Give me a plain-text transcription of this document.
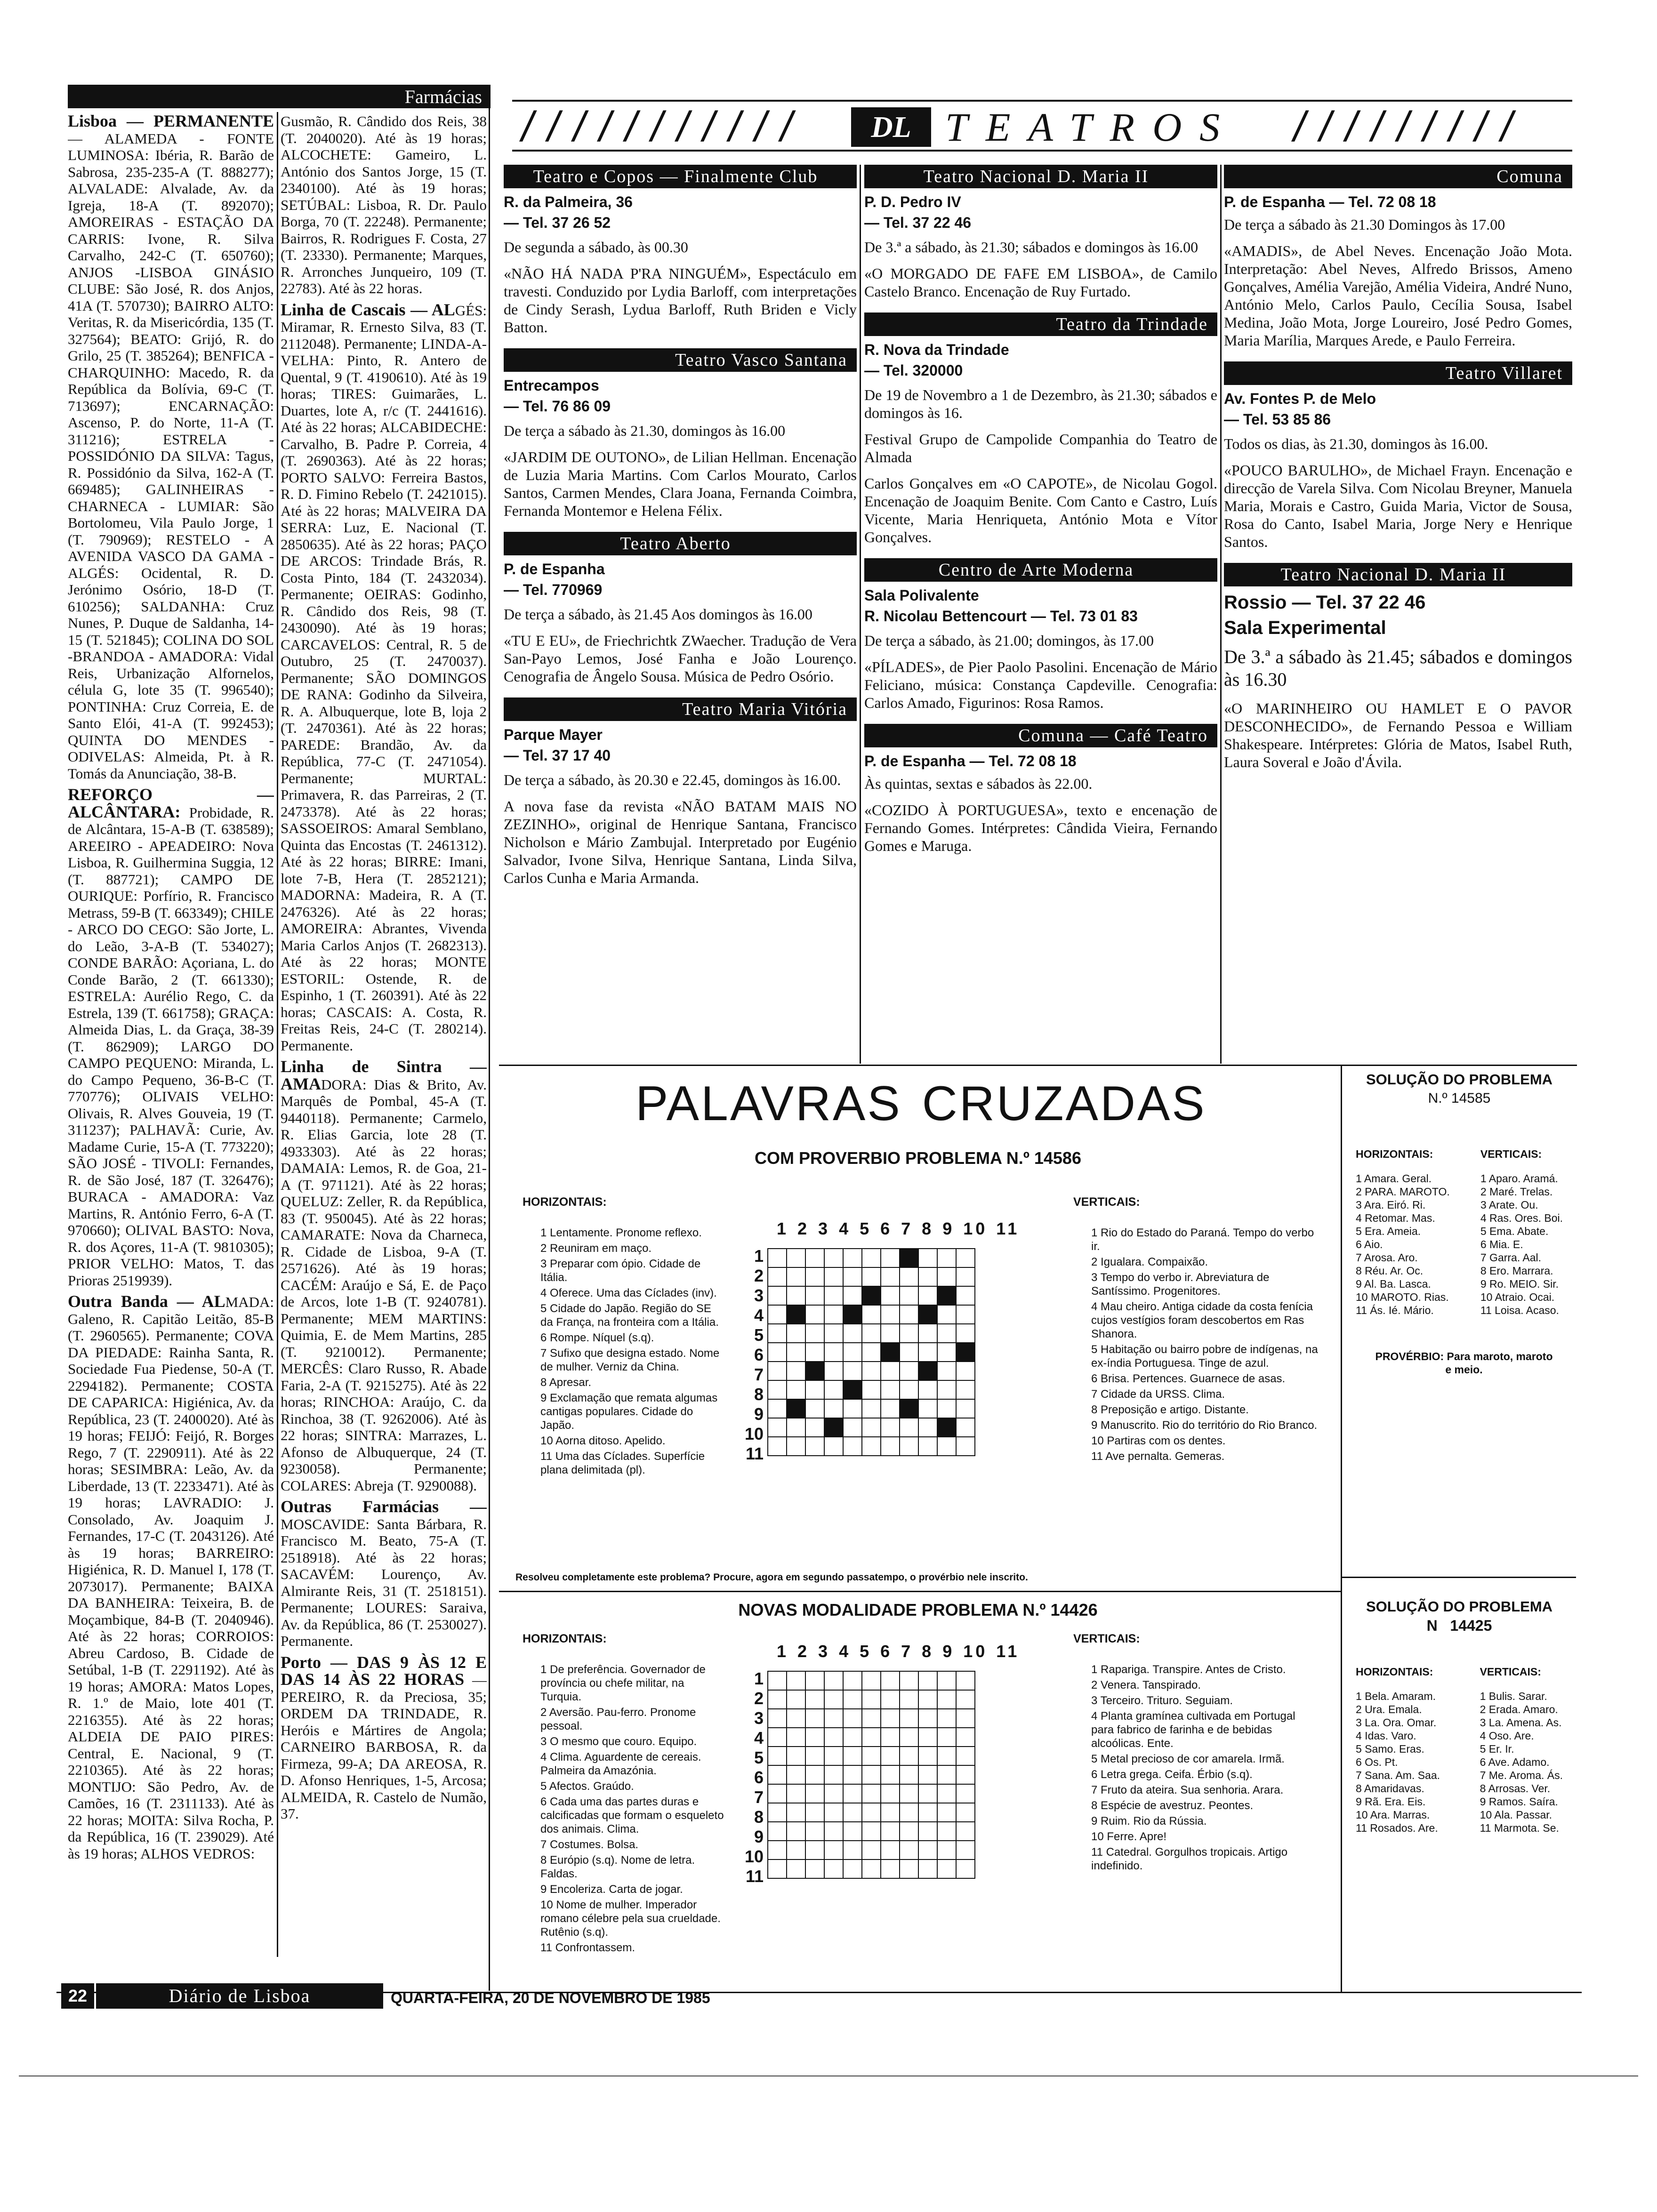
Farmácias

Lisboa — PERMANENTE — ALAMEDA - FONTE LUMINOSA: Ibéria, R. Barão de Sabrosa, 235-235-A (T. 888277); ALVALADE: Alvalade, Av. da Igreja, 18-A (T. 892070); AMOREIRAS - ESTAÇÃO DA CARRIS: Ivone, R. Silva Carvalho, 242-C (T. 650760); ANJOS -LISBOA GINÁSIO CLUBE: São José, R. dos Anjos, 41A (T. 570730); BAIRRO ALTO: Veritas, R. da Misericórdia, 135 (T. 327564); BEATO: Grijó, R. do Grilo, 25 (T. 385264); BENFICA - CHARQUINHO: Macedo, R. da República da Bolívia, 69-C (T. 713697); ENCARNAÇÃO: Ascenso, P. do Norte, 11-A (T. 311216); ESTRELA - POSSIDÓNIO DA SILVA: Tagus, R. Possidónio da Silva, 162-A (T. 669485); GALINHEIRAS -CHARNECA - LUMIAR: São Bortolomeu, Vila Paulo Jorge, 1 (T. 790969); RESTELO - A AVENIDA VASCO DA GAMA - ALGÉS: Ocidental, R. D. Jerónimo Osório, 18-D (T. 610256); SALDANHA: Cruz Nunes, P. Duque de Saldanha, 14-15 (T. 521845); COLINA DO SOL -BRANDOA - AMADORA: Vidal Reis, Urbanização Alfornelos, célula G, lote 35 (T. 996540); PONTINHA: Cruz Correia, E. de Santo Elói, 41-A (T. 992453); QUINTA DO MENDES -ODIVELAS: Almeida, Pt. à R. Tomás da Anunciação, 38-B.

REFORÇO — ALCÂNTARA: Probidade, R. de Alcântara, 15-A-B (T. 638589); AREEIRO - APEADEIRO: Nova Lisboa, R. Guilhermina Suggia, 12 (T. 887721); CAMPO DE OURIQUE: Porfírio, R. Francisco Metrass, 59-B (T. 663349); CHILE - ARCO DO CEGO: São Jorte, L. do Leão, 3-A-B (T. 534027); CONDE BARÃO: Açoriana, L. do Conde Barão, 2 (T. 661330); ESTRELA: Aurélio Rego, C. da Estrela, 139 (T. 661758); GRAÇA: Almeida Dias, L. da Graça, 38-39 (T. 862909); LARGO DO CAMPO PEQUENO: Miranda, L. do Campo Pequeno, 36-B-C (T. 770776); OLIVAIS VELHO: Olivais, R. Alves Gouveia, 19 (T. 311237); PALHAVÃ: Curie, Av. Madame Curie, 15-A (T. 773220); SÃO JOSÉ - TIVOLI: Fernandes, R. de São José, 187 (T. 326476); BURACA - AMADORA: Vaz Martins, R. António Ferro, 6-A (T. 970660); OLIVAL BASTO: Nova, R. dos Açores, 11-A (T. 9810305); PRIOR VELHO: Matos, T. das Prioras 2519939).

Outra Banda — ALMADA: Galeno, R. Capitão Leitão, 85-B (T. 2960565). Permanente; COVA DA PIEDADE: Rainha Santa, R. Sociedade Fua Piedense, 50-A (T. 2294182). Permanente; COSTA DE CAPARICA: Higiénica, Av. da República, 23 (T. 2400020). Até às 19 horas; FEIJÓ: Feijó, R. Borges Rego, 7 (T. 2290911). Até às 22 horas; SESIMBRA: Leão, Av. da Liberdade, 13 (T. 2233471). Até às 19 horas; LAVRADIO: J. Consolado, Av. Joaquim J. Fernandes, 17-C (T. 2043126). Até às 19 horas; BARREIRO: Higiénica, R. D. Manuel I, 178 (T. 2073017). Permanente; BAIXA DA BANHEIRA: Teixeira, B. de Moçambique, 84-B (T. 2040946). Até às 22 horas; CORROIOS: Abreu Cardoso, B. Cidade de Setúbal, 1-B (T. 2291192). Até às 19 horas; AMORA: Matos Lopes, R. 1.º de Maio, lote 401 (T. 2216355). Até às 22 horas; ALDEIA DE PAIO PIRES: Central, E. Nacional, 9 (T. 2210365). Até às 22 horas; MONTIJO: São Pedro, Av. de Camões, 16 (T. 2311133). Até às 22 horas; MOITA: Silva Rocha, P. da República, 16 (T. 239029). Até às 19 horas; ALHOS VEDROS:

Gusmão, R. Cândido dos Reis, 38 (T. 2040020). Até às 19 horas; ALCOCHETE: Gameiro, L. António dos Santos Jorge, 15 (T. 2340100). Até às 19 horas; SETÚBAL: Lisboa, R. Dr. Paulo Borga, 70 (T. 22248). Permanente; Bairros, R. Rodrigues F. Costa, 27 (T. 23330). Permanente; Marques, R. Arronches Junqueiro, 109 (T. 22783). Até às 22 horas.

Linha de Cascais — ALGÉS: Miramar, R. Ernesto Silva, 83 (T. 2112048). Permanente; LINDA-A-VELHA: Pinto, R. Antero de Quental, 9 (T. 4190610). Até às 19 horas; TIRES: Guimarães, L. Duartes, lote A, r/c (T. 2441616). Até às 22 horas; ALCABIDECHE: Carvalho, B. Padre P. Correia, 4 (T. 2690363). Até às 22 horas; PORTO SALVO: Ferreira Bastos, R. D. Fimino Rebelo (T. 2421015). Até às 22 horas; MALVEIRA DA SERRA: Luz, E. Nacional (T. 2850635). Até às 22 horas; PAÇO DE ARCOS: Trindade Brás, R. Costa Pinto, 184 (T. 2432034). Permanente; OEIRAS: Godinho, R. Cândido dos Reis, 98 (T. 2430090). Até às 19 horas; CARCAVELOS: Central, R. 5 de Outubro, 25 (T. 2470037). Permanente; SÃO DOMINGOS DE RANA: Godinho da Silveira, R. A. Albuquerque, lote B, loja 2 (T. 2470361). Até às 22 horas; PAREDE: Brandão, Av. da República, 77-C (T. 2471054). Permanente; MURTAL: Primavera, R. das Parreiras, 2 (T. 2473378). Até às 22 horas; SASSOEIROS: Amaral Semblano, Quinta das Encostas (T. 2461312). Até às 22 horas; BIRRE: Imani, lote 7-B, Hera (T. 2852121); MADORNA: Madeira, R. A (T. 2476326). Até às 22 horas; AMOREIRA: Abrantes, Vivenda Maria Carlos Anjos (T. 2682313). Até às 22 horas; MONTE ESTORIL: Ostende, R. de Espinho, 1 (T. 260391). Até às 22 horas; CASCAIS: A. Costa, R. Freitas Reis, 24-C (T. 280214). Permanente.

Linha de Sintra — AMADORA: Dias & Brito, Av. Marquês de Pombal, 45-A (T. 9440118). Permanente; Carmelo, R. Elias Garcia, lote 28 (T. 4933303). Até às 22 horas; DAMAIA: Lemos, R. de Goa, 21-A (T. 971121). Até às 22 horas; QUELUZ: Zeller, R. da República, 83 (T. 950045). Até às 22 horas; CAMARATE: Nova da Charneca, R. Cidade de Lisboa, 9-A (T. 2571626). Até às 19 horas; CACÉM: Araújo e Sá, E. de Paço de Arcos, lote 1-B (T. 9240781). Permanente; MEM MARTINS: Quimia, E. de Mem Martins, 285 (T. 9210012). Permanente; MERCÊS: Claro Russo, R. Abade Faria, 2-A (T. 9215275). Até às 22 horas; RINCHOA: Araújo, C. da Rinchoa, 38 (T. 9262006). Até às 22 horas; SINTRA: Marrazes, L. Afonso de Albuquerque, 24 (T. 9230058). Permanente; COLARES: Abreja (T. 9290088).

Outras Farmácias — MOSCAVIDE: Santa Bárbara, R. Francisco M. Beato, 75-A (T. 2518918). Até às 22 horas; SACAVÉM: Lourenço, Av. Almirante Reis, 31 (T. 2518151). Permanente; LOURES: Saraiva, Av. da República, 86 (T. 2530027). Permanente.

Porto — DAS 9 ÀS 12 E DAS 14 ÀS 22 HORAS — PEREIRO, R. da Preciosa, 35; ORDEM DA TRINDADE, R. Heróis e Mártires de Angola; CARNEIRO BARBOSA, R. da Firmeza, 99-A; DA AREOSA, R. D. Afonso Henriques, 1-5, Arcosa; ALMEIDA, R. Castelo de Numão, 37.

///////////	DL TEATROS	/////////
Teatro e Copos — Finalmente Club
R. da Palmeira, 36
— Tel. 37 26 52

De segunda a sábado, às 00.30

«NÃO HÁ NADA P'RA NINGUÉM», Espectáculo em travesti. Conduzido por Lydia Barloff, com interpretações de Cindy Serash, Lydua Barloff, Ruth Briden e Vicly Batton.

Teatro Vasco Santana
Entrecampos
— Tel. 76 86 09

De terça a sábado às 21.30, domingos às 16.00

«JARDIM DE OUTONO», de Lilian Hellman. Encenação de Luzia Maria Martins. Com Carlos Mourato, Carlos Santos, Carmen Mendes, Clara Joana, Fernanda Coimbra, Fernanda Montemor e Helena Félix.

Teatro Aberto
P. de Espanha
— Tel. 770969

De terça a sábado, às 21.45 Aos domingos às 16.00

«TU E EU», de Friechrichtk ZWaecher. Tradução de Vera San-Payo Lemos, José Fanha e João Lourenço. Cenografia de Ângelo Sousa. Música de Pedro Osório.

Teatro Maria Vitória
Parque Mayer
— Tel. 37 17 40

De terça a sábado, às 20.30 e 22.45, domingos às 16.00.

A nova fase da revista «NÃO BATAM MAIS NO ZEZINHO», original de Henrique Santana, Francisco Nicholson e Mário Zambujal. Interpretado por Eugénio Salvador, Ivone Silva, Henrique Santana, Linda Silva, Carlos Cunha e Maria Armanda.

Teatro Nacional D. Maria II
P. D. Pedro IV
— Tel. 37 22 46

De 3.ª a sábado, às 21.30; sábados e domingos às 16.00

«O MORGADO DE FAFE EM LISBOA», de Camilo Castelo Branco. Encenação de Ruy Furtado.

Teatro da Trindade
R. Nova da Trindade
— Tel. 320000

De 19 de Novembro a 1 de Dezembro, às 21.30; sábados e domingos às 16.

Festival Grupo de Campolide Companhia do Teatro de Almada

Carlos Gonçalves em «O CAPOTE», de Nicolau Gogol. Encenação de Joaquim Benite. Com Canto e Castro, Luís Vicente, Maria Henriqueta, António Mota e Vítor Gonçalves.

Centro de Arte Moderna
Sala Polivalente
R. Nicolau Bettencourt — Tel. 73 01 83

De terça a sábado, às 21.00; domingos, às 17.00

«PÍLADES», de Pier Paolo Pasolini. Encenação de Mário Feliciano, música: Constança Capdeville. Cenografia: Carlos Amado, Figurinos: Rosa Ramos.

Comuna — Café Teatro
P. de Espanha — Tel. 72 08 18

Às quintas, sextas e sábados às 22.00.

«COZIDO À PORTUGUESA», texto e encenação de Fernando Gomes. Intérpretes: Cândida Vieira, Fernando Gomes e Maruga.

Comuna
P. de Espanha — Tel. 72 08 18

De terça a sábado às 21.30 Domingos às 17.00

«AMADIS», de Abel Neves. Encenação João Mota. Interpretação: Abel Neves, Alfredo Brissos, Ameno Gonçalves, Amélia Varejão, Amélia Videira, André Nuno, António Melo, Carlos Paulo, Cecília Sousa, Isabel Medina, João Mota, Jorge Loureiro, José Pedro Gomes, Maria Marília, Marques Arede, e Paulo Ferreira.

Teatro Villaret
Av. Fontes P. de Melo
— Tel. 53 85 86

Todos os dias, às 21.30, domingos às 16.00.

«POUCO BARULHO», de Michael Frayn. Encenação e direcção de Varela Silva. Com Nicolau Breyner, Manuela Maria, Morais e Castro, Guida Maria, Victor de Sousa, Rosa do Canto, Isabel Maria, Jorge Nery e Henrique Santos.

Teatro Nacional D. Maria II
Rossio — Tel. 37 22 46
Sala Experimental

De 3.ª a sábado às 21.45; sábados e domingos às 16.30

«O MARINHEIRO OU HAMLET E O PAVOR DESCONHECIDO», de Fernando Pessoa e William Shakespeare. Intérpretes: Glória de Matos, Isabel Ruth, Laura Soveral e João d'Ávila.

PALAVRAS CRUZADAS
COM PROVERBIO PROBLEMA N.º 14586
HORIZONTAIS:
1 Lentamente. Pronome reflexo.
2 Reuniram em maço.
3 Preparar com ópio. Cidade de Itália.
4 Oferece. Uma das Cíclades (inv).
5 Cidade do Japão. Região do SE da França, na fronteira com a Itália.
6 Rompe. Níquel (s.q).
7 Sufixo que designa estado. Nome de mulher. Verniz da China.
8 Apresar.
9 Exclamação que remata algumas cantigas populares. Cidade do Japão.
10 Aorna ditoso. Apelido.
11 Uma das Cíclades. Superfície plana delimitada (pl).
1 2 3 4 5 6 7 8 9 10 11
1
2
3
4
5
6
7
8
9
10
11

VERTICAIS:
1 Rio do Estado do Paraná. Tempo do verbo ir.
2 Igualara. Compaixão.
3 Tempo do verbo ir. Abreviatura de Santíssimo. Progenitores.
4 Mau cheiro. Antiga cidade da costa fenícia cujos vestígios foram descobertos em Ras Shanora.
5 Habitação ou bairro pobre de indígenas, na ex-índia Portuguesa. Tinge de azul.
6 Brisa. Pertences. Guarnece de asas.
7 Cidade da URSS. Clima.
8 Preposição e artigo. Distante.
9 Manuscrito. Rio do território do Rio Branco.
10 Partiras com os dentes.
11 Ave pernalta. Gemeras.
Resolveu completamente este problema? Procure, agora em segundo passatempo, o provérbio nele inscrito.
NOVAS MODALIDADE PROBLEMA N.º 14426
HORIZONTAIS:
1 De preferência. Governador de província ou chefe militar, na Turquia.
2 Aversão. Pau-ferro. Pronome pessoal.
3 O mesmo que couro. Equipo.
4 Clima. Aguardente de cereais. Palmeira da Amazónia.
5 Afectos. Graúdo.
6 Cada uma das partes duras e calcificadas que formam o esqueleto dos animais. Clima.
7 Costumes. Bolsa.
8 Európio (s.q). Nome de letra. Faldas.
9 Encoleriza. Carta de jogar.
10 Nome de mulher. Imperador romano célebre pela sua crueldade. Rutênio (s.q).
11 Confrontassem.
1 2 3 4 5 6 7 8 9 10 11
1
2
3
4
5
6
7
8
9
10
11

VERTICAIS:
1 Rapariga. Transpire. Antes de Cristo.
2 Venera. Tanspirado.
3 Terceiro. Trituro. Seguiam.
4 Planta gramínea cultivada em Portugal para fabrico de farinha e de bebidas alcoólicas. Ente.
5 Metal precioso de cor amarela. Irmã.
6 Letra grega. Ceifa. Érbio (s.q).
7 Fruto da ateira. Sua senhoria. Arara.
8 Espécie de avestruz. Peontes.
9 Ruim. Rio da Rússia.
10 Ferre. Apre!
11 Catedral. Gorgulhos tropicais. Artigo indefinido.
SOLUÇÃO DO PROBLEMA
N.º 14585
HORIZONTAIS:
1 Amara. Geral.
2 PARA. MAROTO.
3 Ara. Eiró. Ri.
4 Retomar. Mas.
5 Era. Ameia.
6 Aio.
7 Arosa. Aro.
8 Réu. Ar. Oc.
9 Al. Ba. Lasca.
10 MAROTO. Rias.
11 Ás. Ié. Mário.
VERTICAIS:
1 Aparo. Aramá.
2 Maré. Trelas.
3 Arate. Ou.
4 Ras. Ores. Boi.
5 Ema. Abate.
6 Mia. E.
7 Garra. Aal.
8 Ero. Marrara.
9 Ro. MEIO. Sir.
10 Atraio. Ocai.
11 Loisa. Acaso.
PROVÉRBIO: Para maroto, maroto e meio.
SOLUÇÃO DO PROBLEMA
N   14425
HORIZONTAIS:
1 Bela. Amaram.
2 Ura. Emala.
3 La. Ora. Omar.
4 Idas. Varo.
5 Samo. Eras.
6 Os. Pt.
7 Sana. Am. Saa.
8 Amaridavas.
9 Rã. Era. Eis.
10 Ara. Marras.
11 Rosados. Are.
VERTICAIS:
1 Bulis. Sarar.
2 Erada. Amaro.
3 La. Amena. As.
4 Oso. Are.
5 Er. Ir.
6 Ave. Adamo.
7 Me. Aroma. Ás.
8 Arrosas. Ver.
9 Ramos. Saíra.
10 Ala. Passar.
11 Marmota. Se.
22	Diário de Lisboa	QUARTA-FEIRA, 20 DE NOVEMBRO DE 1985
